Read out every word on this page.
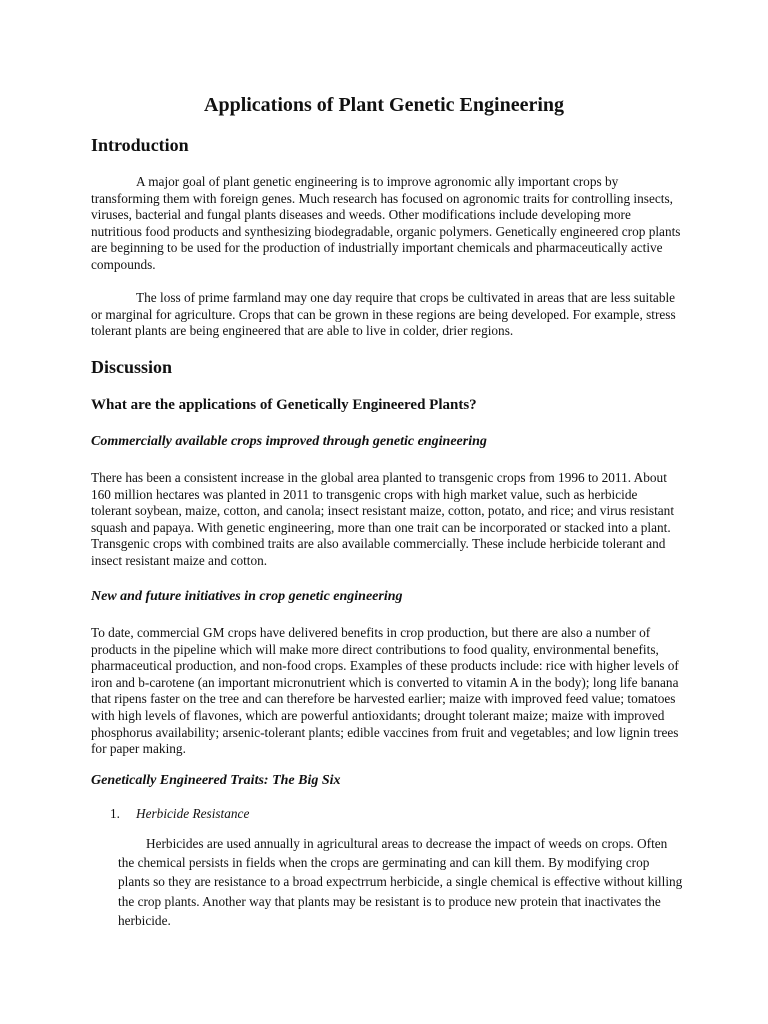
Applications of Plant Genetic Engineering
Introduction

A major goal of plant genetic engineering is to improve agronomic ally important crops by transforming them with foreign genes. Much research has focused on agronomic traits for controlling insects, viruses, bacterial and fungal plants diseases and weeds. Other modifications include developing more nutritious food products and synthesizing biodegradable, organic polymers. Genetically engineered crop plants are beginning to be used for the production of industrially important chemicals and pharmaceutically active compounds.

The loss of prime farmland may one day require that crops be cultivated in areas that are less suitable or marginal for agriculture. Crops that can be grown in these regions are being developed. For example, stress tolerant plants are being engineered that are able to live in colder, drier regions.

Discussion
What are the applications of Genetically Engineered Plants?
Commercially available crops improved through genetic engineering

There has been a consistent increase in the global area planted to transgenic crops from 1996 to 2011. About 160 million hectares was planted in 2011 to transgenic crops with high market value, such as herbicide tolerant soybean, maize, cotton, and canola; insect resistant maize, cotton, potato, and rice; and virus resistant squash and papaya. With genetic engineering, more than one trait can be incorporated or stacked into a plant. Transgenic crops with combined traits are also available commercially. These include herbicide tolerant and insect resistant maize and cotton.

New and future initiatives in crop genetic engineering

To date, commercial GM crops have delivered benefits in crop production, but there are also a number of products in the pipeline which will make more direct contributions to food quality, environmental benefits, pharmaceutical production, and non-food crops. Examples of these products include: rice with higher levels of iron and b-carotene (an important micronutrient which is converted to vitamin A in the body); long life banana that ripens faster on the tree and can therefore be harvested earlier; maize with improved feed value; tomatoes with high levels of flavones, which are powerful antioxidants; drought tolerant maize; maize with improved phosphorus availability; arsenic-tolerant plants; edible vaccines from fruit and vegetables; and low lignin trees for paper making.

Genetically Engineered Traits: The Big Six

1. Herbicide Resistance

Herbicides are used annually in agricultural areas to decrease the impact of weeds on crops. Often the chemical persists in fields when the crops are germinating and can kill them. By modifying crop plants so they are resistance to a broad expectrrum herbicide, a single chemical is effective without killing the crop plants. Another way that plants may be resistant is to produce new protein that inactivates the herbicide.
